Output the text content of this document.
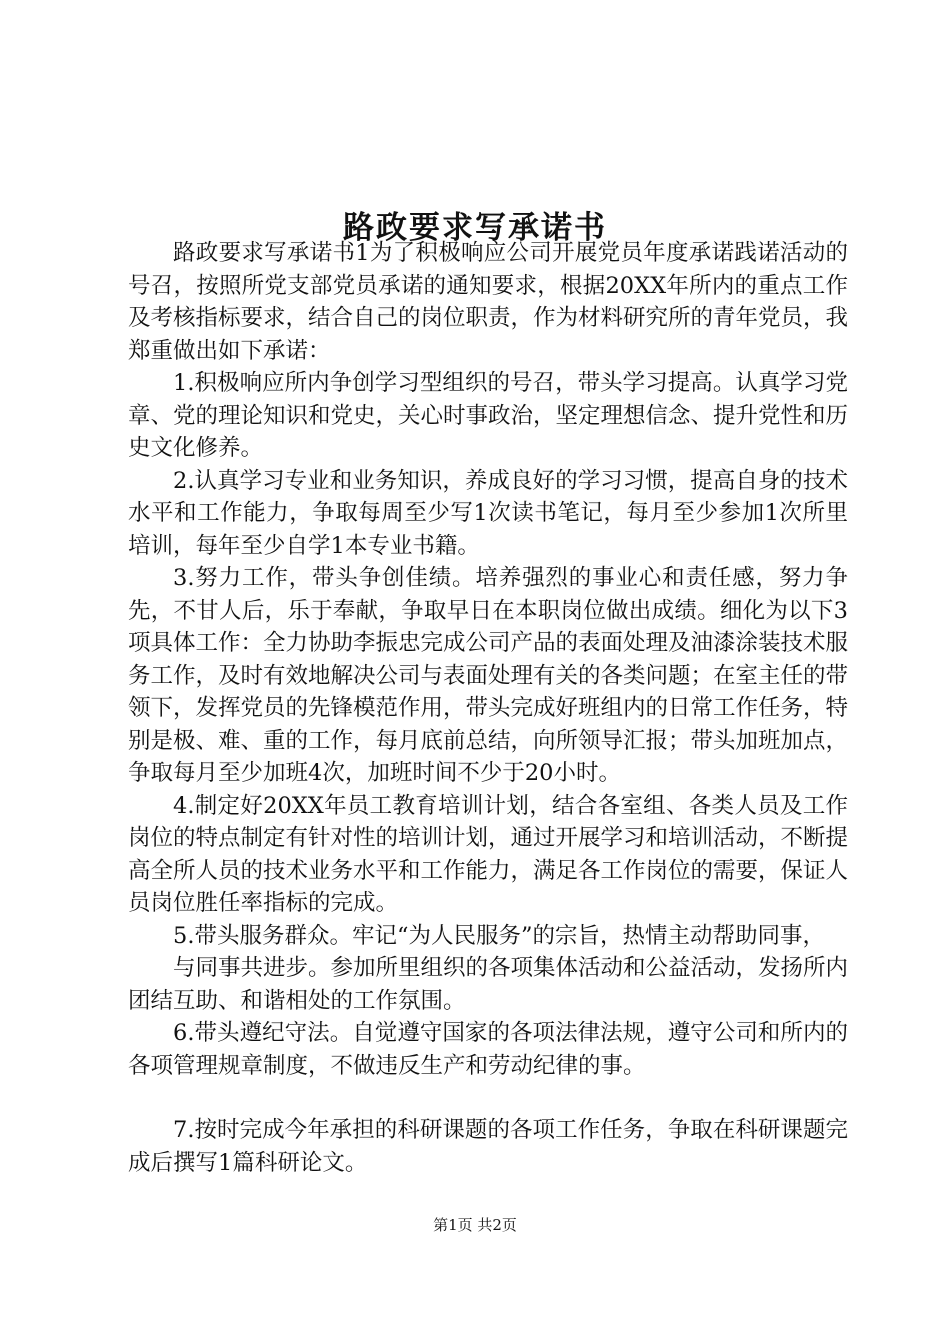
路政要求写承诺书

路政要求写承诺书1为了积极响应公司开展党员年度承诺践诺活动的号召，按照所党支部党员承诺的通知要求，根据20XX年所内的重点工作及考核指标要求，结合自己的岗位职责，作为材料研究所的青年党员，我郑重做出如下承诺：

1.积极响应所内争创学习型组织的号召，带头学习提高。认真学习党章、党的理论知识和党史，关心时事政治，坚定理想信念、提升党性和历史文化修养。

2.认真学习专业和业务知识，养成良好的学习习惯，提高自身的技术水平和工作能力，争取每周至少写1次读书笔记，每月至少参加1次所里培训，每年至少自学1本专业书籍。

3.努力工作，带头争创佳绩。培养强烈的事业心和责任感，努力争先，不甘人后，乐于奉献，争取早日在本职岗位做出成绩。细化为以下3项具体工作：全力协助李振忠完成公司产品的表面处理及油漆涂装技术服务工作，及时有效地解决公司与表面处理有关的各类问题；在室主任的带领下，发挥党员的先锋模范作用，带头完成好班组内的日常工作任务，特别是极、难、重的工作，每月底前总结，向所领导汇报；带头加班加点，争取每月至少加班4次，加班时间不少于20小时。

4.制定好20XX年员工教育培训计划，结合各室组、各类人员及工作岗位的特点制定有针对性的培训计划，通过开展学习和培训活动，不断提高全所人员的技术业务水平和工作能力，满足各工作岗位的需要，保证人员岗位胜任率指标的完成。

5.带头服务群众。牢记“为人民服务”的宗旨，热情主动帮助同事，

与同事共进步。参加所里组织的各项集体活动和公益活动，发扬所内团结互助、和谐相处的工作氛围。

6.带头遵纪守法。自觉遵守国家的各项法律法规，遵守公司和所内的各项管理规章制度，不做违反生产和劳动纪律的事。

7.按时完成今年承担的科研课题的各项工作任务，争取在科研课题完成后撰写1篇科研论文。

第1页 共2页
